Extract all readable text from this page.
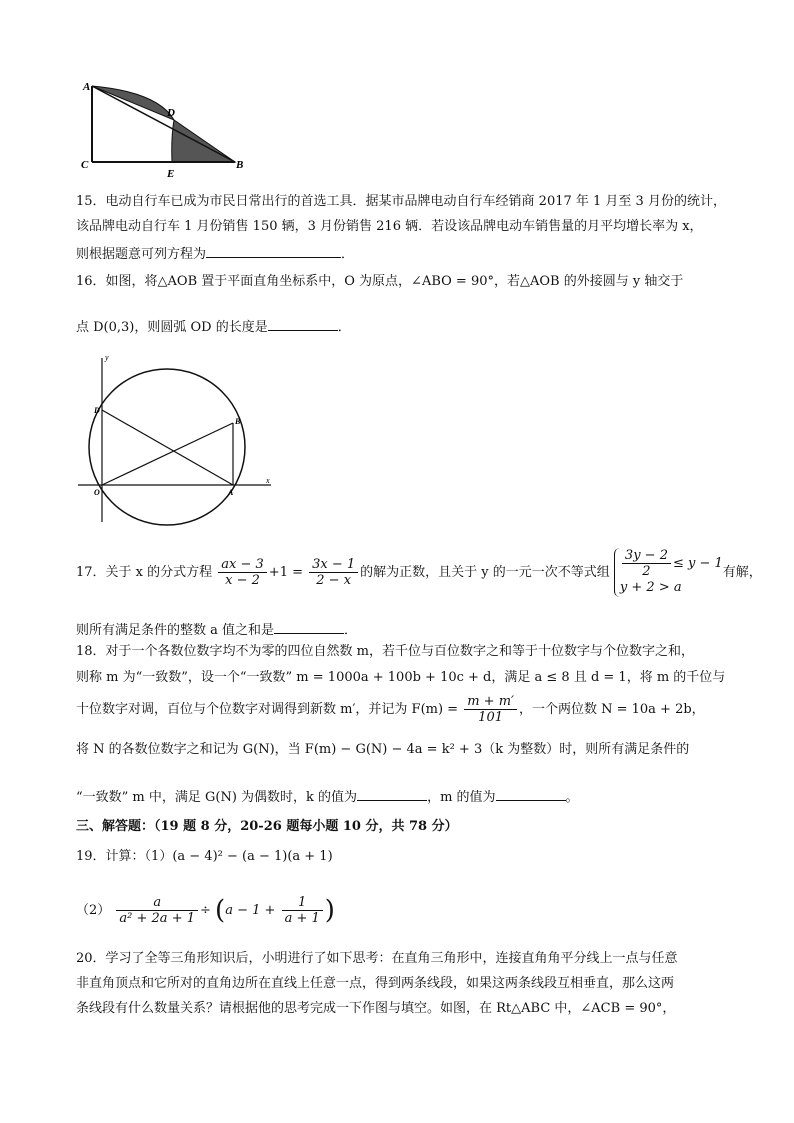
A
D
C
E
B
15．电动自行车已成为市民日常出行的首选工具．据某市品牌电动自行车经销商 2017 年 1 月至 3 月份的统计，
该品牌电动自行车 1 月份销售 150 辆，3 月份销售 216 辆．若设该品牌电动车销售量的月平均增长率为 x，
则根据题意可列方程为	．
16．如图，将△AOB 置于平面直角坐标系中，O 为原点，∠ABO = 90°，若△AOB 的外接圆与 y 轴交于
点 D(0,3)，则圆弧 OD 的长度是	．
y
D
B
O	A
x
17．关于 x 的分式方程 $\frac{ax - 3}{x - 2} +1 = \frac{3x - 1}{2 - x}$ 的解为正数，且关于 y 的一元一次不等式组 $\frac{3y - 2}{2} \le y - 1$
y + 2 > a
有解，
则所有满足条件的整数 a 值之和是	．
18．对于一个各数位数字均不为零的四位自然数 m，若千位与百位数字之和等于十位数字与个位数字之和，
则称 m 为“一致数”，设一个“一致数” m = 1000a + 100b + 10c + d，满足 a ≤ 8 且 d = 1，将 m 的千位与
十位数字对调，百位与个位数字对调得到新数 m′，并记为 $F(m) = \frac{m + m'}{101}$ ，一个两位数 N = 10a + 2b，
将 N 的各数位数字之和记为 G(N)，当 F(m) − G(N) − 4a = k² + 3（k 为整数）时，则所有满足条件的
“一致数” m 中，满足 G(N) 为偶数时，k 的值为	，m 的值为	。
三、解答题：（19 题 8 分，20-26 题每小题 10 分，共 78 分）
19．计算：（1）(a − 4)² − (a − 1)(a + 1)
$(2) \frac{a}{\text{a² + 2a + 1}} \div (a - 1 + \frac{1}{a + 1}$ )
20．学习了全等三角形知识后，小明进行了如下思考：在直角三角形中，连接直角角平分线上一点与任意
非直角顶点和它所对的直角边所在直线上任意一点，得到两条线段，如果这两条线段互相垂直，那么这两
条线段有什么数量关系？请根据他的思考完成一下作图与填空。如图，在 Rt△ABC 中，∠ACB = 90°，
